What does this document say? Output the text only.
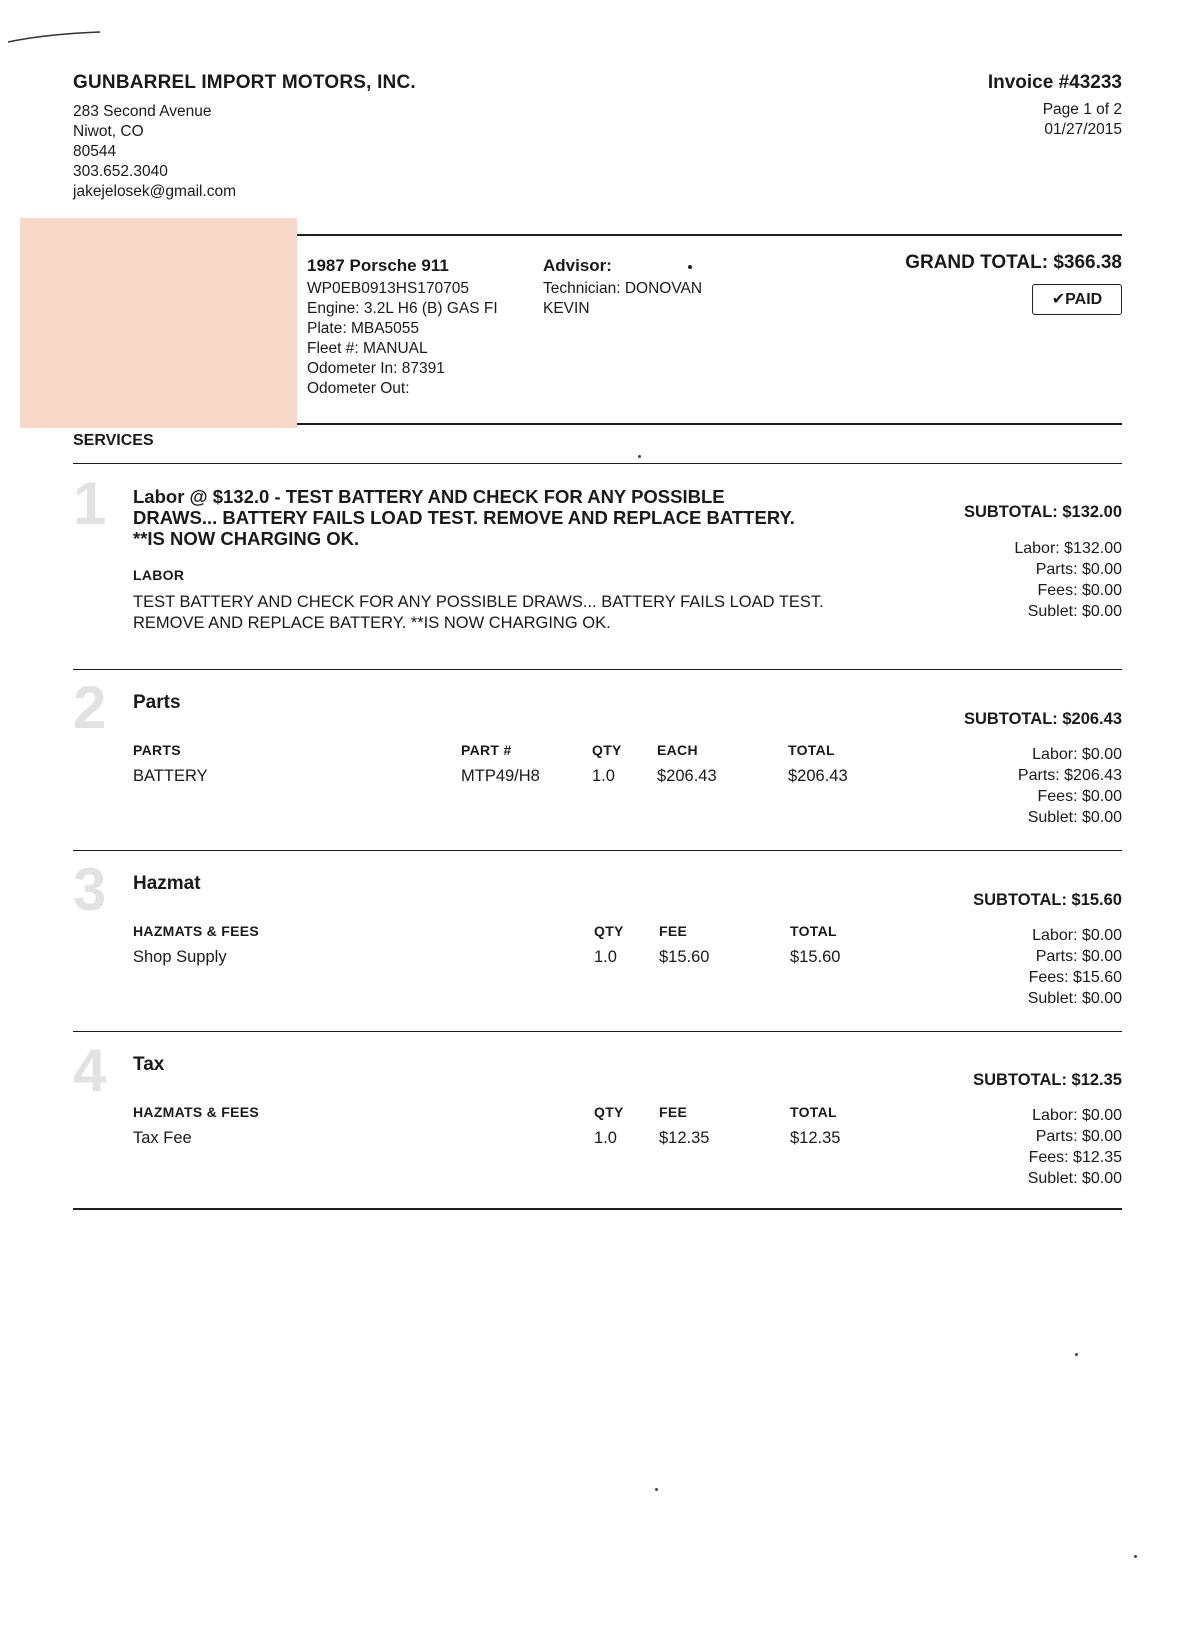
GUNBARREL IMPORT MOTORS, INC.
283 Second Avenue
Niwot, CO
80544
303.652.3040
jakejelosek@gmail.com
Invoice #43233
Page 1 of 2
01/27/2015
1987 Porsche 911
WP0EB0913HS170705
Engine: 3.2L H6 (B) GAS FI
Plate: MBA5055
Fleet #: MANUAL
Odometer In: 87391
Odometer Out:
Advisor:
Technician: DONOVAN
KEVIN
GRAND TOTAL: $366.38
✔PAID
SERVICES
1 Labor @ $132.0 - TEST BATTERY AND CHECK FOR ANY POSSIBLE
DRAWS... BATTERY FAILS LOAD TEST. REMOVE AND REPLACE BATTERY.
**IS NOW CHARGING OK.
LABOR
TEST BATTERY AND CHECK FOR ANY POSSIBLE DRAWS... BATTERY FAILS LOAD TEST.
REMOVE AND REPLACE BATTERY. **IS NOW CHARGING OK.
SUBTOTAL: $132.00
Labor: $132.00
Parts: $0.00
Fees: $0.00
Sublet: $0.00
2 Parts
PARTS	PART #	QTY	EACH	TOTAL
BATTERY	MTP49/H8	1.0	$206.43	$206.43
SUBTOTAL: $206.43
Labor: $0.00
Parts: $206.43
Fees: $0.00
Sublet: $0.00
3 Hazmat
HAZMATS & FEES	QTY	FEE	TOTAL
Shop Supply	1.0	$15.60	$15.60
SUBTOTAL: $15.60
Labor: $0.00
Parts: $0.00
Fees: $15.60
Sublet: $0.00
4 Tax
HAZMATS & FEES	QTY	FEE	TOTAL
Tax Fee	1.0	$12.35	$12.35
SUBTOTAL: $12.35
Labor: $0.00
Parts: $0.00
Fees: $12.35
Sublet: $0.00
